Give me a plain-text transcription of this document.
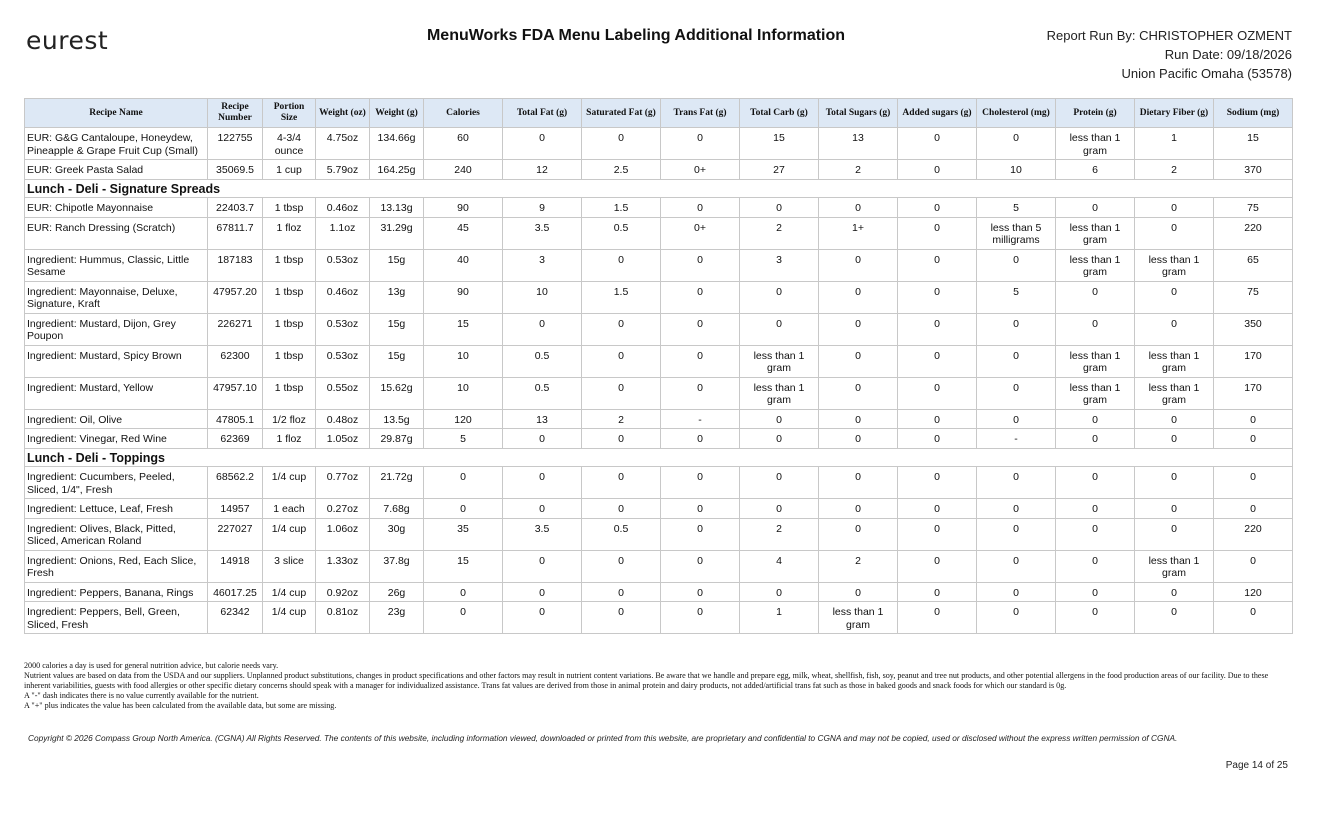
eurest	MenuWorks FDA Menu Labeling Additional Information	Report Run By: CHRISTOPHER OZMENT
Run Date: 09/18/2026
Union Pacific Omaha (53578)
Recipe Name	Recipe Number	Portion Size	Weight (oz)	Weight (g)	Calories	Total Fat (g)	Saturated Fat (g)	Trans Fat (g)	Total Carb (g)	Total Sugars (g)	Added sugars (g)	Cholesterol (mg)	Protein (g)	Dietary Fiber (g)	Sodium (mg)
EUR: G&G Cantaloupe, Honeydew, Pineapple & Grape Fruit Cup (Small)	122755	4-3/4 ounce	4.75oz	134.66g	60	0	0	0	15	13	0	0	less than 1 gram	1	15
EUR: Greek Pasta Salad	35069.5	1 cup	5.79oz	164.25g	240	12	2.5	0+	27	2	0	10	6	2	370
Lunch - Deli - Signature Spreads															
EUR: Chipotle Mayonnaise	22403.7	1 tbsp	0.46oz	13.13g	90	9	1.5	0	0	0	0	5	0	0	75
EUR: Ranch Dressing (Scratch)	67811.7	1 floz	1.1oz	31.29g	45	3.5	0.5	0+	2	1+	0	less than 5 milligrams	less than 1 gram	0	220
Ingredient: Hummus, Classic, Little Sesame	187183	1 tbsp	0.53oz	15g	40	3	0	0	3	0	0	0	less than 1 gram	less than 1 gram	65
Ingredient: Mayonnaise, Deluxe, Signature, Kraft	47957.20	1 tbsp	0.46oz	13g	90	10	1.5	0	0	0	0	5	0	0	75
Ingredient: Mustard, Dijon, Grey Poupon	226271	1 tbsp	0.53oz	15g	15	0	0	0	0	0	0	0	0	0	350
Ingredient: Mustard, Spicy Brown	62300	1 tbsp	0.53oz	15g	10	0.5	0	0	less than 1 gram	0	0	0	less than 1 gram	less than 1 gram	170
Ingredient: Mustard, Yellow	47957.10	1 tbsp	0.55oz	15.62g	10	0.5	0	0	less than 1 gram	0	0	0	less than 1 gram	less than 1 gram	170
Ingredient: Oil, Olive	47805.1	1/2 floz	0.48oz	13.5g	120	13	2	-	0	0	0	0	0	0	0
Ingredient: Vinegar, Red Wine	62369	1 floz	1.05oz	29.87g	5	0	0	0	0	0	0	-	0	0	0
Lunch - Deli - Toppings															
Ingredient: Cucumbers, Peeled, Sliced, 1/4", Fresh	68562.2	1/4 cup	0.77oz	21.72g	0	0	0	0	0	0	0	0	0	0	0
Ingredient: Lettuce, Leaf, Fresh	14957	1 each	0.27oz	7.68g	0	0	0	0	0	0	0	0	0	0	0
Ingredient: Olives, Black, Pitted, Sliced, American Roland	227027	1/4 cup	1.06oz	30g	35	3.5	0.5	0	2	0	0	0	0	0	220
Ingredient: Onions, Red, Each Slice, Fresh	14918	3 slice	1.33oz	37.8g	15	0	0	0	4	2	0	0	0	less than 1 gram	0
Ingredient: Peppers, Banana, Rings	46017.25	1/4 cup	0.92oz	26g	0	0	0	0	0	0	0	0	0	0	120
Ingredient: Peppers, Bell, Green, Sliced, Fresh	62342	1/4 cup	0.81oz	23g	0	0	0	0	1	less than 1 gram	0	0	0	0	0

2000 calories a day is used for general nutrition advice, but calorie needs vary.

Nutrient values are based on data from the USDA and our suppliers. Unplanned product substitutions, changes in product specifications and other factors may result in nutrient content variations. Be aware that we handle and prepare egg, milk, wheat, shellfish, fish, soy, peanut and tree nut products, and other potential allergens in the food production areas of our facility. Due to these inherent variabilities, guests with food allergies or other specific dietary concerns should speak with a manager for individualized assistance. Trans fat values are derived from those in animal protein and dairy products, not added/artificial trans fat such as those in baked goods and snack foods for which our standard is 0g.

A "-" dash indicates there is no value currently available for the nutrient.

A "+" plus indicates the value has been calculated from the available data, but some are missing.

Copyright © 2026 Compass Group North America. (CGNA) All Rights Reserved. The contents of this website, including information viewed, downloaded or printed from this website, are proprietary and confidential to CGNA and may not be copied, used or disclosed without the express written permission of CGNA.
Page 14 of 25
